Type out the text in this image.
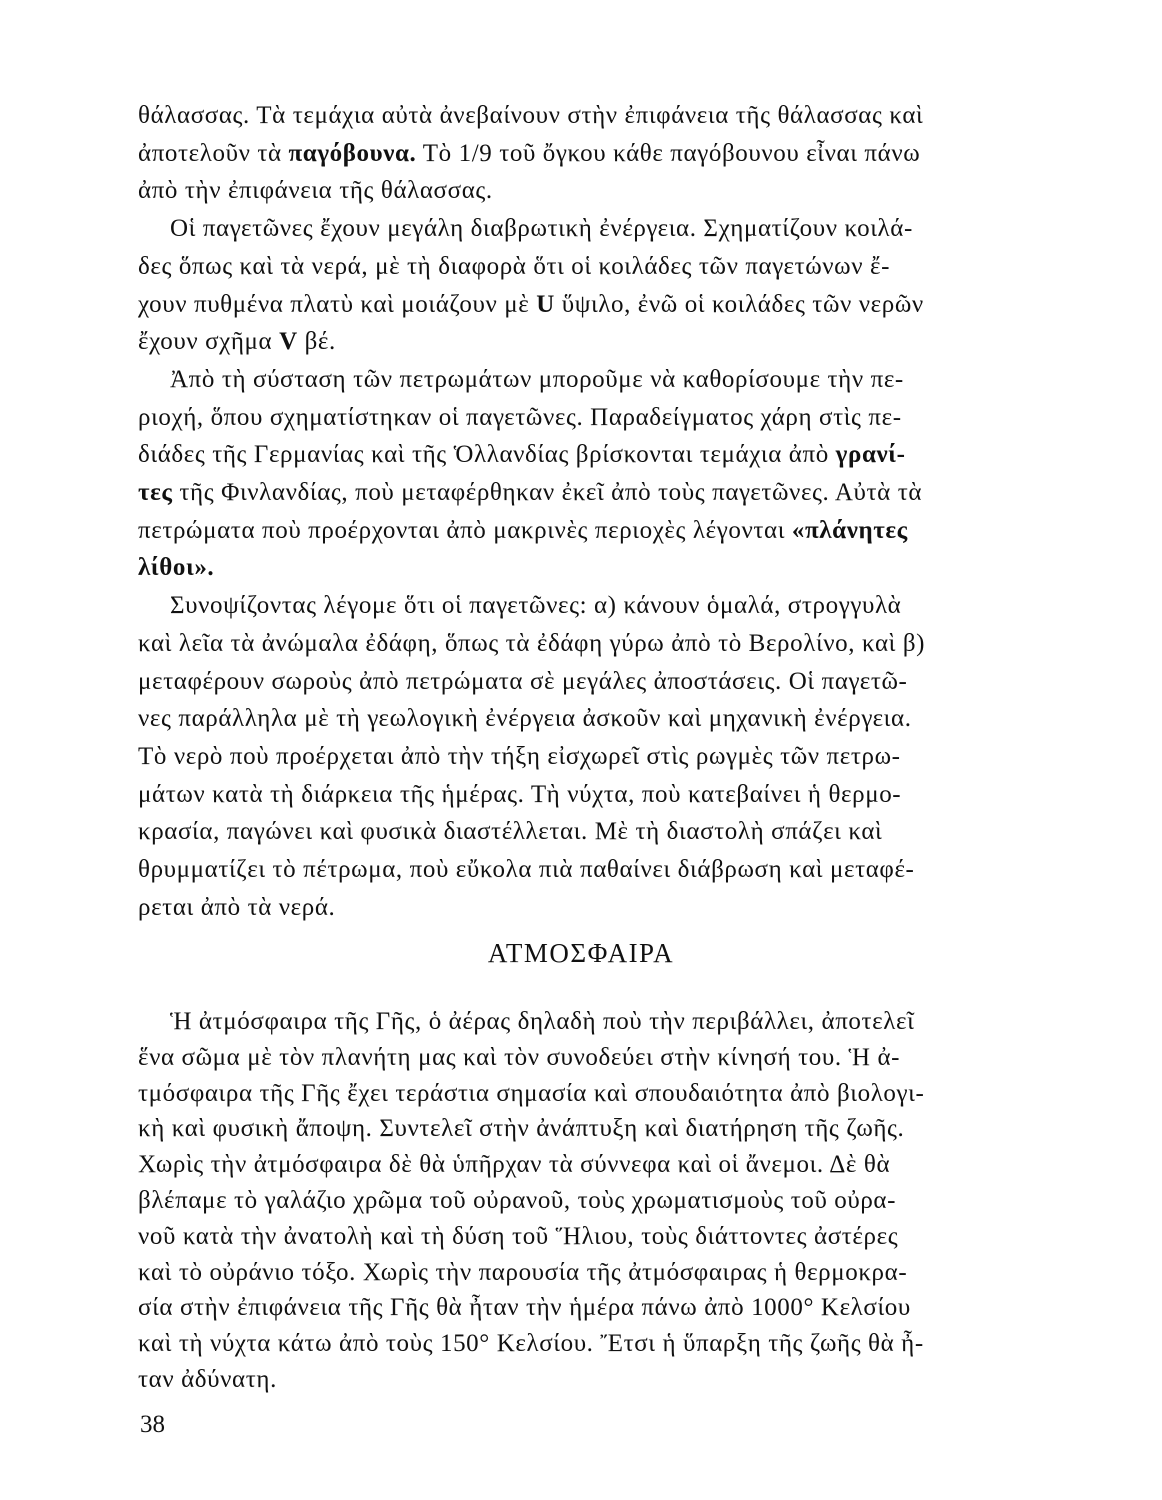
θάλασσας. Τὰ τεμάχια αὐτὰ ἀνεβαίνουν στὴν ἐπιφάνεια τῆς θάλασσας καὶ
ἀποτελοῦν τὰ παγόβουνα. Τὸ 1/9 τοῦ ὄγκου κάθε παγόβουνου εἶναι πάνω
ἀπὸ τὴν ἐπιφάνεια τῆς θάλασσας.
Οἱ παγετῶνες ἔχουν μεγάλη διαβρωτικὴ ἐνέργεια. Σχηματίζουν κοιλά-
δες ὅπως καὶ τὰ νερά, μὲ τὴ διαφορὰ ὅτι οἱ κοιλάδες τῶν παγετώνων ἔ-
χουν πυθμένα πλατὺ καὶ μοιάζουν μὲ U ὕψιλο, ἐνῶ οἱ κοιλάδες τῶν νερῶν
ἔχουν σχῆμα V βέ.
Ἀπὸ τὴ σύσταση τῶν πετρωμάτων μποροῦμε νὰ καθορίσουμε τὴν πε-
ριοχή, ὅπου σχηματίστηκαν οἱ παγετῶνες. Παραδείγματος χάρη στὶς πε-
διάδες τῆς Γερμανίας καὶ τῆς Ὁλλανδίας βρίσκονται τεμάχια ἀπὸ γρανί-
τες τῆς Φινλανδίας, ποὺ μεταφέρθηκαν ἐκεῖ ἀπὸ τοὺς παγετῶνες. Αὐτὰ τὰ
πετρώματα ποὺ προέρχονται ἀπὸ μακρινὲς περιοχὲς λέγονται «πλάνητες
λίθοι».
Συνοψίζοντας λέγομε ὅτι οἱ παγετῶνες: α) κάνουν ὁμαλά, στρογγυλὰ
καὶ λεῖα τὰ ἀνώμαλα ἐδάφη, ὅπως τὰ ἐδάφη γύρω ἀπὸ τὸ Βερολίνο, καὶ β)
μεταφέρουν σωροὺς ἀπὸ πετρώματα σὲ μεγάλες ἀποστάσεις. Οἱ παγετῶ-
νες παράλληλα μὲ τὴ γεωλογικὴ ἐνέργεια ἀσκοῦν καὶ μηχανικὴ ἐνέργεια.
Τὸ νερὸ ποὺ προέρχεται ἀπὸ τὴν τήξη εἰσχωρεῖ στὶς ρωγμὲς τῶν πετρω-
μάτων κατὰ τὴ διάρκεια τῆς ἡμέρας. Τὴ νύχτα, ποὺ κατεβαίνει ἡ θερμο-
κρασία, παγώνει καὶ φυσικὰ διαστέλλεται. Μὲ τὴ διαστολὴ σπάζει καὶ
θρυμματίζει τὸ πέτρωμα, ποὺ εὔκολα πιὰ παθαίνει διάβρωση καὶ μεταφέ-
ρεται ἀπὸ τὰ νερά.
Ἡ ἀτμόσφαιρα τῆς Γῆς, ὁ ἀέρας δηλαδὴ ποὺ τὴν περιβάλλει, ἀποτελεῖ
ἕνα σῶμα μὲ τὸν πλανήτη μας καὶ τὸν συνοδεύει στὴν κίνησή του. Ἡ ἀ-
τμόσφαιρα τῆς Γῆς ἔχει τεράστια σημασία καὶ σπουδαιότητα ἀπὸ βιολογι-
κὴ καὶ φυσικὴ ἄποψη. Συντελεῖ στὴν ἀνάπτυξη καὶ διατήρηση τῆς ζωῆς.
Χωρὶς τὴν ἀτμόσφαιρα δὲ θὰ ὑπῆρχαν τὰ σύννεφα καὶ οἱ ἄνεμοι. Δὲ θὰ
βλέπαμε τὸ γαλάζιο χρῶμα τοῦ οὐρανοῦ, τοὺς χρωματισμοὺς τοῦ οὐρα-
νοῦ κατὰ τὴν ἀνατολὴ καὶ τὴ δύση τοῦ Ἥλιου, τοὺς διάττοντες ἀστέρες
καὶ τὸ οὐράνιο τόξο. Χωρὶς τὴν παρουσία τῆς ἀτμόσφαιρας ἡ θερμοκρα-
σία στὴν ἐπιφάνεια τῆς Γῆς θὰ ἦταν τὴν ἡμέρα πάνω ἀπὸ 1000° Κελσίου
καὶ τὴ νύχτα κάτω ἀπὸ τοὺς 150° Κελσίου. Ἔτσι ἡ ὕπαρξη τῆς ζωῆς θὰ ἦ-
ταν ἀδύνατη.
ΑΤΜΟΣΦΑΙΡΑ
38
